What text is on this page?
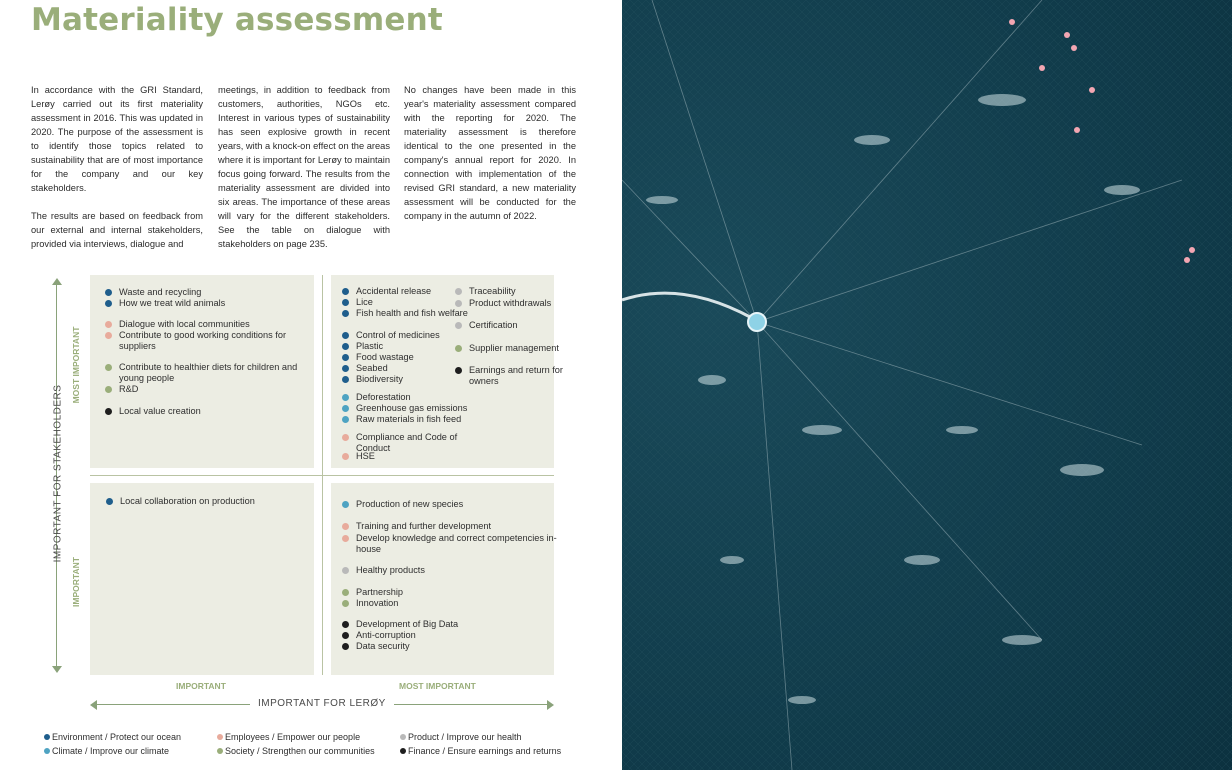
Materiality assessment

In accordance with the GRI Standard, Lerøy carried out its first materiality assessment in 2016. This was updated in 2020. The purpose of the assessment is to identify those topics related to sustainability that are of most importance for the company and our key stakeholders.

The results are based on feedback from our external and internal stakeholders, provided via interviews, dialogue and

meetings, in addition to feedback from customers, authorities, NGOs etc. Interest in various types of sustainability has seen explosive growth in recent years, with a knock-on effect on the areas where it is important for Lerøy to maintain focus going forward. The results from the materiality assessment are divided into six areas. The importance of these areas will vary for the different stakeholders. See the table on dialogue with stakeholders on page 235.

No changes have been made in this year's materiality assessment compared with the reporting for 2020. The materiality assessment is therefore identical to the one presented in the company's annual report for 2020. In connection with implementation of the revised GRI standard, a new materiality assessment will be conducted for the company in the autumn of 2022.

Waste and recycling
How we treat wild animals
Dialogue with local communities
Contribute to good working conditions for suppliers
Contribute to healthier diets for children and young people
R&D
Local value creation
Accidental release
Lice
Fish health and fish welfare
Control of medicines
Plastic
Food wastage
Seabed
Biodiversity
Deforestation
Greenhouse gas emissions
Raw materials in fish feed
Compliance and Code of Conduct
HSE
Traceability
Product withdrawals
Certification
Supplier management
Earnings and return for owners
Local collaboration on production	Production of new species
Training and further development
Develop knowledge and correct competencies in-house
Healthy products
Partnership
Innovation
Development of Big Data
Anti-corruption
Data security
IMPORTANT FOR STAKEHOLDERS
MOST IMPORTANT
IMPORTANT
IMPORTANT	MOST IMPORTANT
IMPORTANT FOR LERØY
Environment / Protect our ocean
Climate / Improve our climate
Employees / Empower our people
Society / Strengthen our communities
Product / Improve our health
Finance / Ensure earnings and returns
